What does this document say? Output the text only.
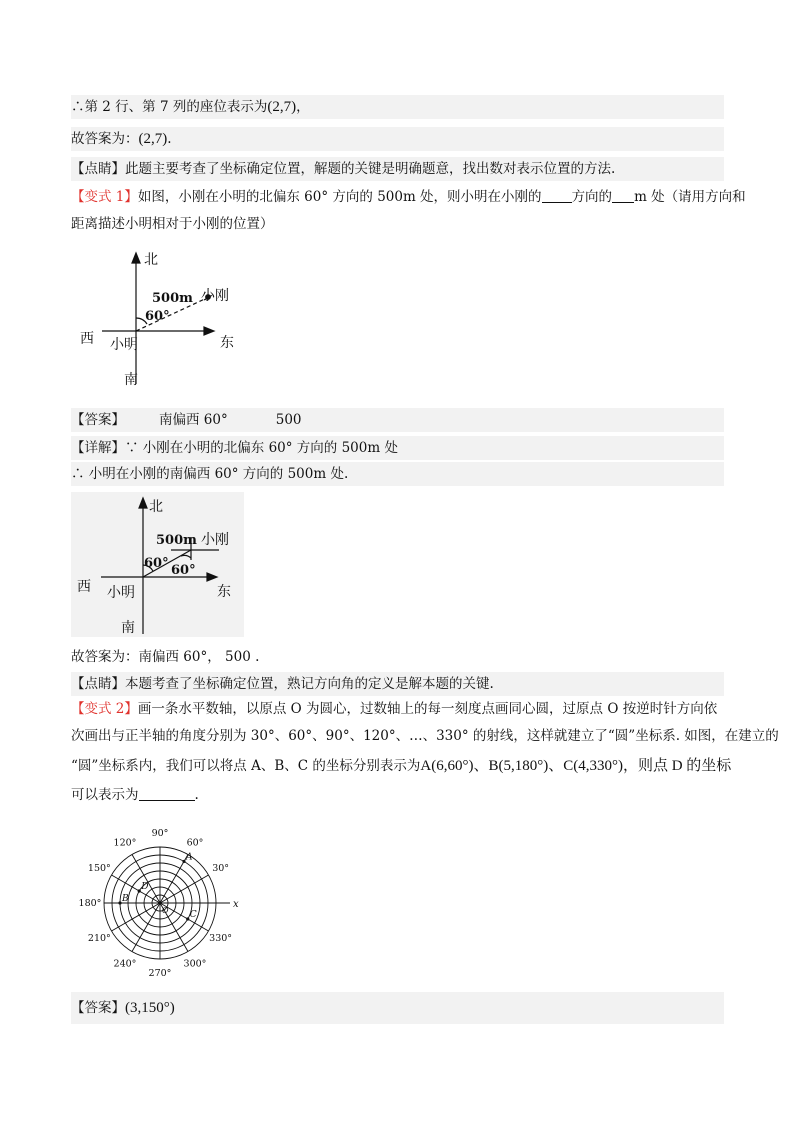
∴第 2 行、第 7 列的座位表示为(2,7)，
故答案为：(2,7).
【点睛】此题主要考查了坐标确定位置，解题的关键是明确题意，找出数对表示位置的方法.
【变式 1】如图，小刚在小明的北偏东 60° 方向的 500m 处，则小明在小刚的 方向的 m 处（请用方向和
距离描述小明相对于小刚的位置）
北
西	东
南
小明
小刚
500m
60°
【答案】	南偏西 60°	500
【详解】∵ 小刚在小明的北偏东 60° 方向的 500m 处
∴ 小明在小刚的南偏西 60° 方向的 500m 处.
北
西	东
南
小明
小刚
500m
60° 60°
故答案为：南偏西 60°， 500 .
【点睛】本题考查了坐标确定位置，熟记方向角的定义是解本题的关键.
【变式 2】画一条水平数轴，以原点 O 为圆心，过数轴上的每一刻度点画同心圆，过原点 O 按逆时针方向依
次画出与正半轴的角度分别为 30°、60°、90°、120°、…、330° 的射线，这样就建立了“圆”坐标系. 如图，在建立的
“圆”坐标系内，我们可以将点 A、B、C 的坐标分别表示为A(6,60°)、B(5,180°)、C(4,330°)，则点 D 的坐标
可以表示为	.
90°
60°
30°
330°
300°
270°
240°
210°
180°
150°
120°
x
O
A
B
C
D
【答案】(3,150°)
